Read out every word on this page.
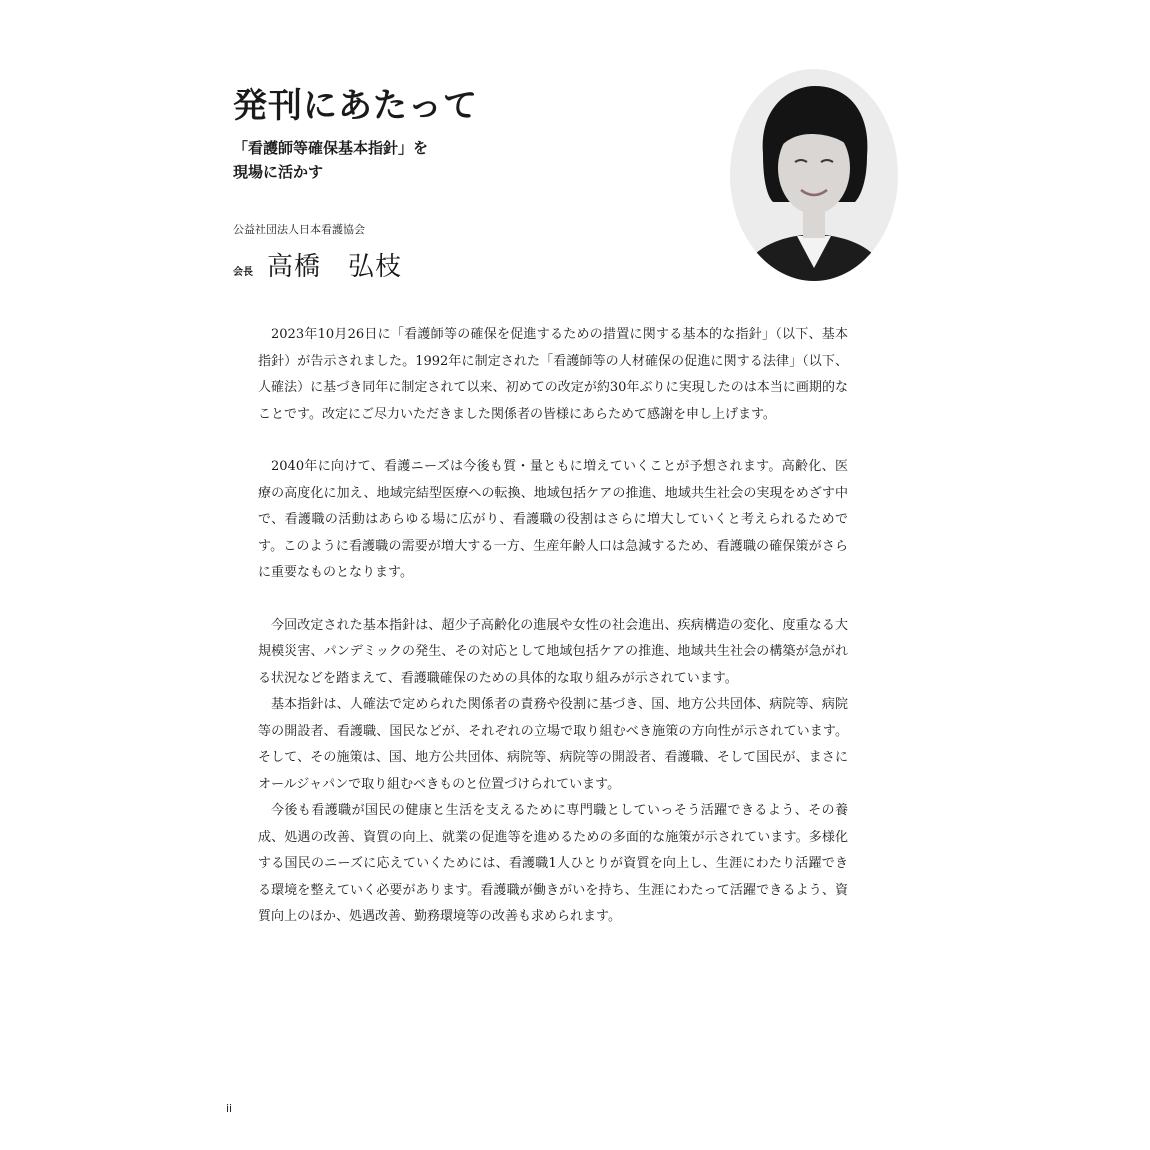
発刊にあたって
「看護師等確保基本指針」を
現場に活かす
公益社団法人日本看護協会
会長 高橋　弘枝

2023年10月26日に「看護師等の確保を促進するための措置に関する基本的な指針」（以下、基本指針）が告示されました。1992年に制定された「看護師等の人材確保の促進に関する法律」（以下、人確法）に基づき同年に制定されて以来、初めての改定が約30年ぶりに実現したのは本当に画期的なことです。改定にご尽力いただきました関係者の皆様にあらためて感謝を申し上げます。

2040年に向けて、看護ニーズは今後も質・量ともに増えていくことが予想されます。高齢化、医療の高度化に加え、地域完結型医療への転換、地域包括ケアの推進、地域共生社会の実現をめざす中で、看護職の活動はあらゆる場に広がり、看護職の役割はさらに増大していくと考えられるためです。このように看護職の需要が増大する一方、生産年齢人口は急減するため、看護職の確保策がさらに重要なものとなります。

今回改定された基本指針は、超少子高齢化の進展や女性の社会進出、疾病構造の変化、度重なる大規模災害、パンデミックの発生、その対応として地域包括ケアの推進、地域共生社会の構築が急がれる状況などを踏まえて、看護職確保のための具体的な取り組みが示されています。

基本指針は、人確法で定められた関係者の責務や役割に基づき、国、地方公共団体、病院等、病院等の開設者、看護職、国民などが、それぞれの立場で取り組むべき施策の方向性が示されています。そして、その施策は、国、地方公共団体、病院等、病院等の開設者、看護職、そして国民が、まさにオールジャパンで取り組むべきものと位置づけられています。

今後も看護職が国民の健康と生活を支えるために専門職としていっそう活躍できるよう、その養成、処遇の改善、資質の向上、就業の促進等を進めるための多面的な施策が示されています。多様化する国民のニーズに応えていくためには、看護職1人ひとりが資質を向上し、生涯にわたり活躍できる環境を整えていく必要があります。看護職が働きがいを持ち、生涯にわたって活躍できるよう、資質向上のほか、処遇改善、勤務環境等の改善も求められます。

ii
